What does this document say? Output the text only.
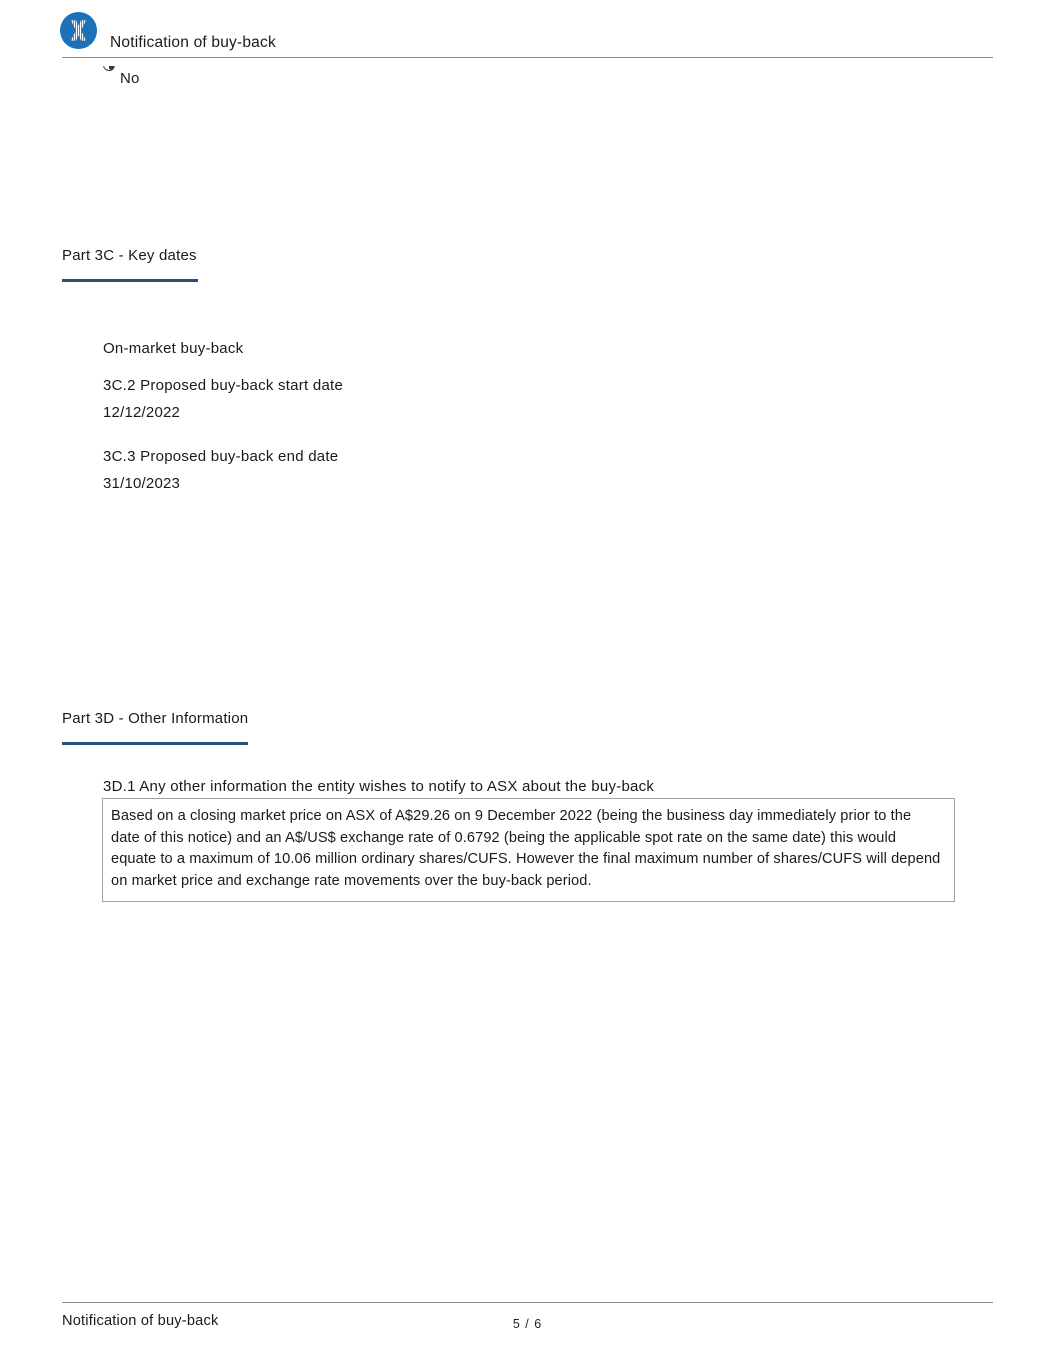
Notification of buy-back
No
Part 3C - Key dates
On-market buy-back
3C.2 Proposed buy-back start date
12/12/2022
3C.3 Proposed buy-back end date
31/10/2023
Part 3D - Other Information
3D.1 Any other information the entity wishes to notify to ASX about the buy-back
Based on a closing market price on ASX of A$29.26 on 9 December 2022 (being the business day immediately prior to the date of this notice) and an A$/US$ exchange rate of 0.6792 (being the applicable spot rate on the same date) this would equate to a maximum of 10.06 million ordinary shares/CUFS. However the final maximum number of shares/CUFS will depend on market price and exchange rate movements over the buy-back period.
Notification of buy-back	5 / 6
